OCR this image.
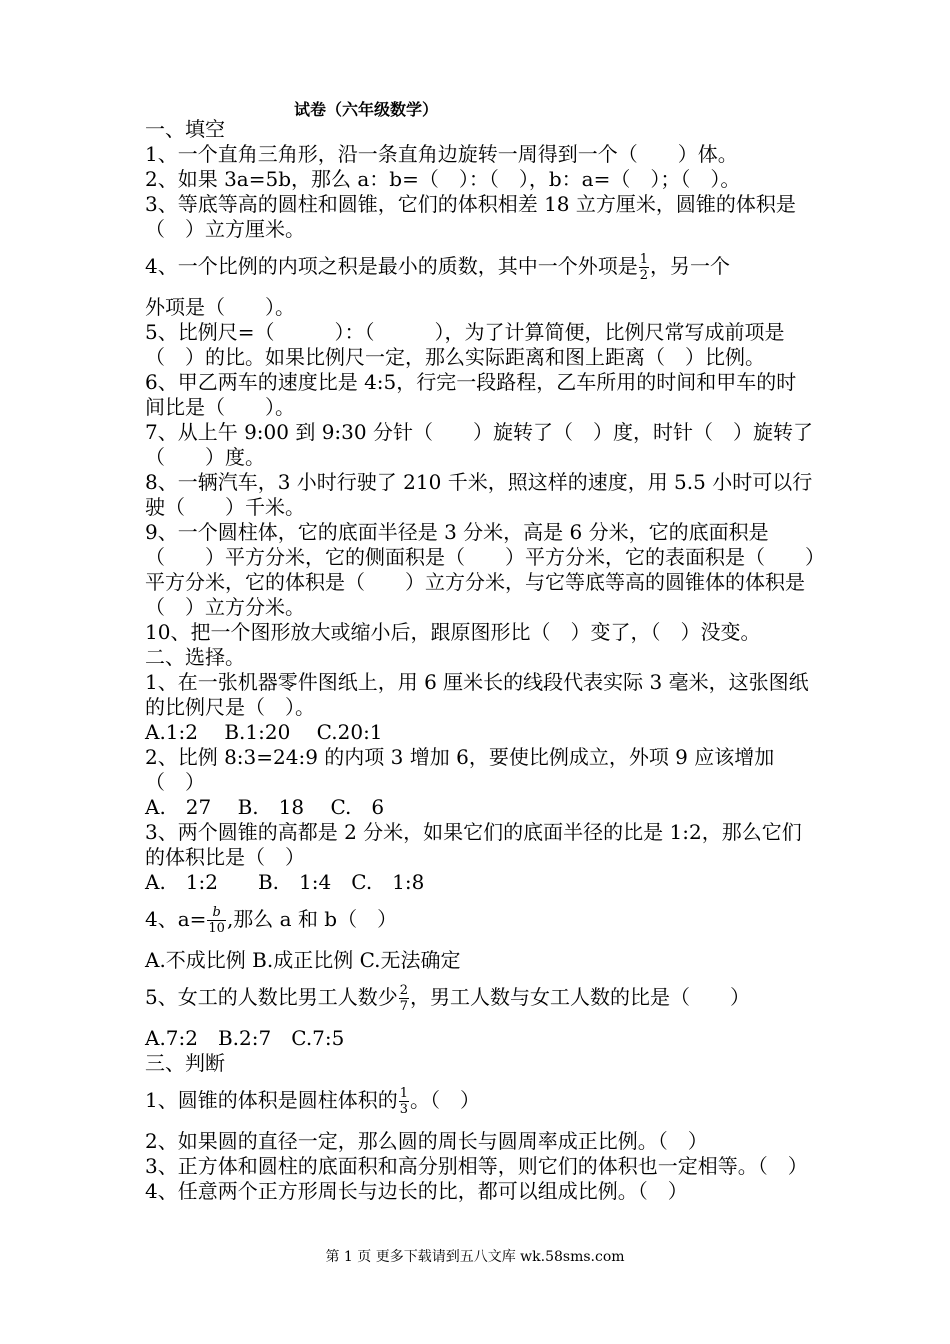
试卷（六年级数学）

一、填空

1、一个直角三角形，沿一条直角边旋转一周得到一个（　　）体。

2、如果 3a=5b，那么 a：b=（　）：（　），b：a=（　）；（　）。

3、等底等高的圆柱和圆锥，它们的体积相差 18 立方厘米，圆锥的体积是（　）立方厘米。

4、一个比例的内项之积是最小的质数，其中一个外项是 $\frac{1}{2}$ ，另一个

外项是（　　）。

5、比例尺=（　　　）：（　　　），为了计算简便，比例尺常写成前项是（　）的比。如果比例尺一定，那么实际距离和图上距离（　）比例。

6、甲乙两车的速度比是 4:5，行完一段路程，乙车所用的时间和甲车的时间比是（　　）。

7、从上午 9:00 到 9:30 分针（　　）旋转了（　）度，时针（　）旋转了（　　）度。

8、一辆汽车，3 小时行驶了 210 千米，照这样的速度，用 5.5 小时可以行驶（　　）千米。

9、一个圆柱体，它的底面半径是 3 分米，高是 6 分米，它的底面积是（　　）平方分米，它的侧面积是（　　）平方分米，它的表面积是（　　）平方分米，它的体积是（　　）立方分米，与它等底等高的圆锥体的体积是（　）立方分米。

10、把一个图形放大或缩小后，跟原图形比（　）变了，（　）没变。

二、选择。

1、在一张机器零件图纸上，用 6 厘米长的线段代表实际 3 毫米，这张图纸的比例尺是（　）。

A.1:2　 B.1:20　 C.20:1

2、比例 8:3=24:9 的内项 3 增加 6，要使比例成立，外项 9 应该增加（　）

A.　27　 B.　18　 C.　6

3、两个圆锥的高都是 2 分米，如果它们的底面半径的比是 1:2，那么它们的体积比是（　）

A.　1:2　　B.　1:4　C.　1:8

4、$a= \frac{b}{10}$ ,那么 a 和 b（　）

A.不成比例 B.成正比例 C.无法确定

5、女工的人数比男工人数少 $\frac{2}{7}$ ，男工人数与女工人数的比是（　　）

A.7:2　B.2:7　C.7:5

三、判断

1、圆锥的体积是圆柱体积的 $\frac{1}{3}$ 。（　）

2、如果圆的直径一定，那么圆的周长与圆周率成正比例。（　）

3、正方体和圆柱的底面积和高分别相等，则它们的体积也一定相等。（　）

4、任意两个正方形周长与边长的比，都可以组成比例。（　）

第 1 页 更多下载请到五八文库 wk.58sms.com
